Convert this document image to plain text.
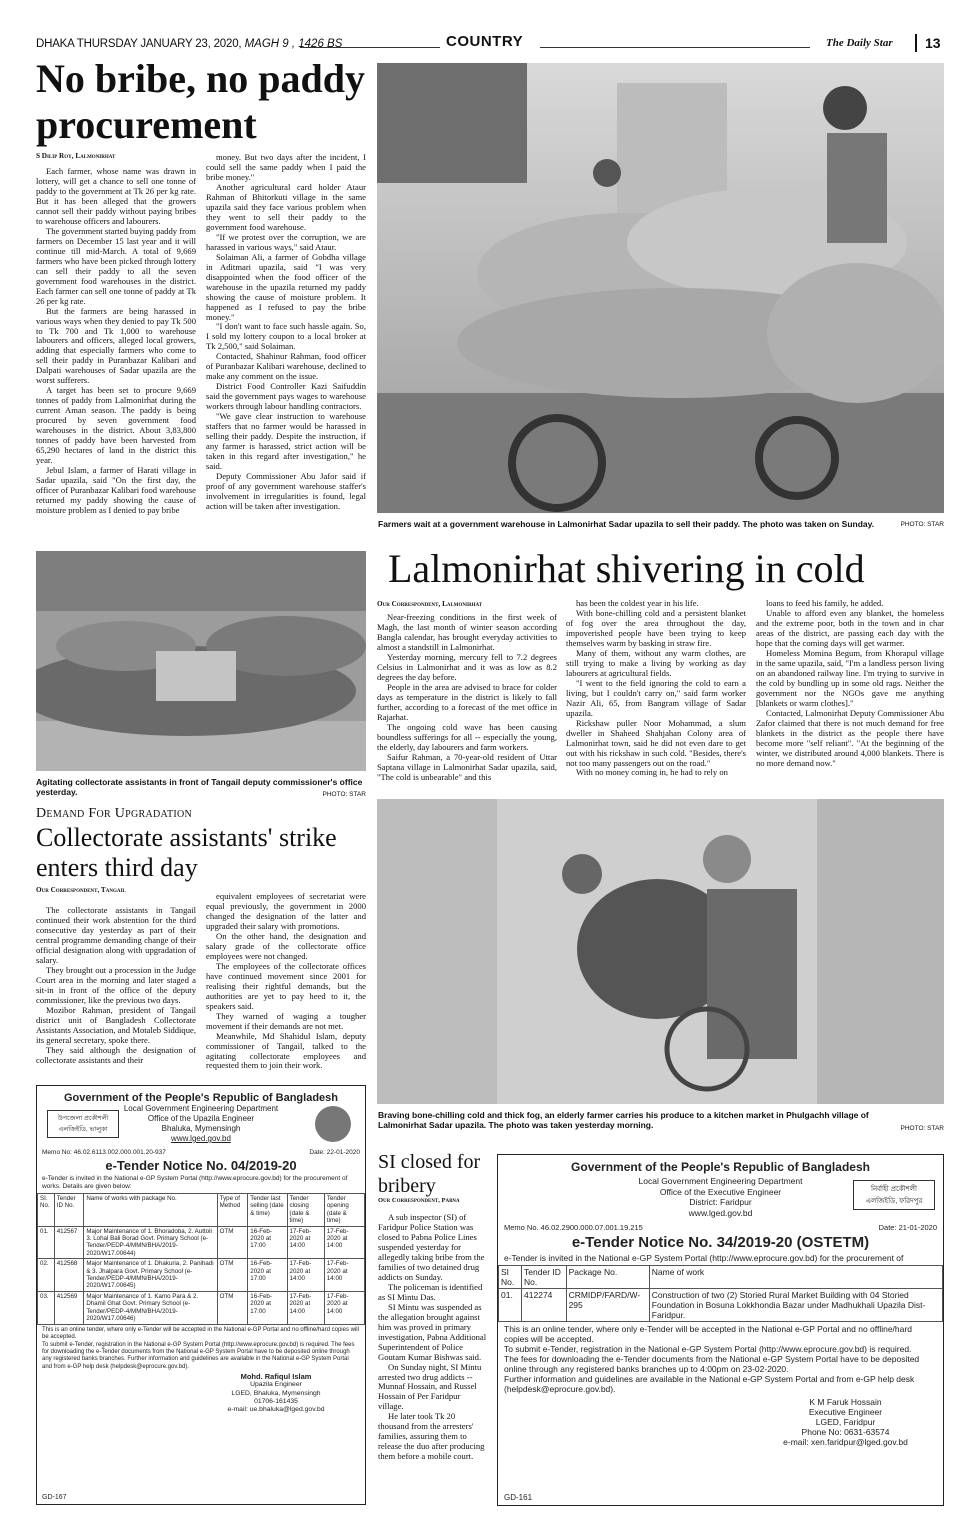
DHAKA THURSDAY JANUARY 23, 2020, MAGH 9 , 1426 BS	COUNTRY	The Daily Star 13
No bribe, no paddy procurement
S Dilip Roy, Lalmonirhat

Each farmer, whose name was drawn in lottery, will get a chance to sell one tonne of paddy to the government at Tk 26 per kg rate. But it has been alleged that the growers cannot sell their paddy without paying bribes to warehouse officers and labourers.

The government started buying paddy from farmers on December 15 last year and it will continue till mid-March. A total of 9,669 farmers who have been picked through lottery can sell their paddy to all the seven government food warehouses in the district. Each farmer can sell one tonne of paddy at Tk 26 per kg rate.

But the farmers are being harassed in various ways when they denied to pay Tk 500 to Tk 700 and Tk 1,000 to warehouse labourers and officers, alleged local growers, adding that especially farmers who come to sell their paddy in Puranbazar Kalibari and Dalpati warehouses of Sadar upazila are the worst sufferers.

A target has been set to procure 9,669 tonnes of paddy from Lalmonirhat during the current Aman season. The paddy is being procured by seven government food warehouses in the district. About 3,83,800 tonnes of paddy have been harvested from 65,290 hectares of land in the district this year.

Jebul Islam, a farmer of Harati village in Sadar upazila, said "On the first day, the officer of Puranbazar Kalibari food warehouse returned my paddy showing the cause of moisture problem as I denied to pay bribe

money. But two days after the incident, I could sell the same paddy when I paid the bribe money."

Another agricultural card holder Ataur Rahman of Bhitorkuti village in the same upazila said they face various problem when they went to sell their paddy to the government food warehouse.

"If we protest over the corruption, we are harassed in various ways," said Ataur.

Solaiman Ali, a farmer of Gobdha village in Aditmari upazila, said "I was very disappointed when the food officer of the warehouse in the upazila returned my paddy showing the cause of moisture problem. It happened as I refused to pay the bribe money."

"I don't want to face such hassle again. So, I sold my lottery coupon to a local broker at Tk 2,500," said Solaiman.

Contacted, Shahinur Rahman, food officer of Puranbazar Kalibari warehouse, declined to make any comment on the issue.

District Food Controller Kazi Saifuddin said the government pays wages to warehouse workers through labour handling contractors.

"We gave clear instruction to warehouse staffers that no farmer would be harassed in selling their paddy. Despite the instruction, if any farmer is harassed, strict action will be taken in this regard after investigation," he said.

Deputy Commissioner Abu Jafor said if proof of any government warehouse staffer's involvement in irregularities is found, legal action will be taken after investigation.

Farmers wait at a government warehouse in Lalmonirhat Sadar upazila to sell their paddy. The photo was taken on Sunday.	PHOTO: STAR
Agitating collectorate assistants in front of Tangail deputy commissioner's office yesterday.	PHOTO: STAR
Demand For Upgradation
Collectorate assistants' strike enters third day
Our Correspondent, Tangail

The collectorate assistants in Tangail continued their work abstention for the third consecutive day yesterday as part of their central programme demanding change of their official designation along with upgradation of salary.

They brought out a procession in the Judge Court area in the morning and later staged a sit-in in front of the office of the deputy commissioner, like the previous two days.

Mozibor Rahman, president of Tangail district unit of Bangladesh Collectorate Assistants Association, and Motaleb Siddique, its general secretary, spoke there.

They said although the designation of collectorate assistants and their

equivalent employees of secretariat were equal previously, the government in 2000 changed the designation of the latter and upgraded their salary with promotions.

On the other hand, the designation and salary grade of the collectorate office employees were not changed.

The employees of the collectorate offices have continued movement since 2001 for realising their rightful demands, but the authorities are yet to pay heed to it, the speakers said.

They warned of waging a tougher movement if their demands are not met.

Meanwhile, Md Shahidul Islam, deputy commissioner of Tangail, talked to the agitating collectorate employees and requested them to join their work.

Lalmonirhat shivering in cold
Our Correspondent, Lalmonirhat

Near-freezing conditions in the first week of Magh, the last month of winter season according Bangla calendar, has brought everyday activities to almost a standstill in Lalmonirhat.

Yesterday morning, mercury fell to 7.2 degrees Celsius in Lalmonirhat and it was as low as 8.2 degrees the day before.

People in the area are advised to brace for colder days as temperature in the district is likely to fall further, according to a forecast of the met office in Rajarhat.

The ongoing cold wave has been causing boundless sufferings for all -- especially the young, the elderly, day labourers and farm workers.

Saifur Rahman, a 70-year-old resident of Uttar Saptana village in Lalmonirhat Sadar upazila, said, "The cold is unbearable" and this

has been the coldest year in his life.

With bone-chilling cold and a persistent blanket of fog over the area throughout the day, impoverished people have been trying to keep themselves warm by basking in straw fire.

Many of them, without any warm clothes, are still trying to make a living by working as day labourers at agricultural fields.

"I went to the field ignoring the cold to earn a living, but I couldn't carry on," said farm worker Nazir Ali, 65, from Bangram village of Sadar upazila.

Rickshaw puller Noor Mohammad, a slum dweller in Shaheed Shahjahan Colony area of Lalmonirhat town, said he did not even dare to get out with his rickshaw in such cold. "Besides, there's not too many passengers out on the road."

With no money coming in, he had to rely on

loans to feed his family, he added.

Unable to afford even any blanket, the homeless and the extreme poor, both in the town and in char areas of the district, are passing each day with the hope that the coming days will get warmer.

Homeless Momina Begum, from Khorapul village in the same upazila, said, "I'm a landless person living on an abandoned railway line. I'm trying to survive in the cold by bundling up in some old rags. Neither the government nor the NGOs gave me anything [blankets or warm clothes]."

Contacted, Lalmonirhat Deputy Commissioner Abu Zafor claimed that there is not much demand for free blankets in the district as the people there have become more "self reliant". "At the beginning of the winter, we distributed around 4,000 blankets. There is no more demand now."

Braving bone-chilling cold and thick fog, an elderly farmer carries his produce to a kitchen market in Phulgachh village of Lalmonirhat Sadar upazila. The photo was taken yesterday morning.	PHOTO: STAR
SI closed for bribery
Our Correspondent, Pabna

A sub inspector (SI) of Faridpur Police Station was closed to Pabna Police Lines suspended yesterday for allegedly taking bribe from the families of two detained drug addicts on Sunday.

The policeman is identified as SI Mintu Das.

SI Mintu was suspended as the allegation brought against him was proved in primary investigation, Pabna Additional Superintendent of Police Goutam Kumar Bishwas said.

On Sunday night, SI Mintu arrested two drug addicts -- Munnaf Hossain, and Russel Hossain of Per Faridpur village.

He later took Tk 20 thousand from the arresters' families, assuring them to release the duo after producing them before a mobile court.

Government of the People's Republic of Bangladesh
উপজেলা প্রকৌশলী এলজিইডি, ভালুকা
Local Government Engineering Department
Office of the Upazila Engineer
Bhaluka, Mymensingh
www.lged.gov.bd
Memo No: 46.02.6113.002.000.001.20-937	Date: 22-01-2020
e-Tender Notice No. 04/2019-20
e-Tender is invited in the National e-GP System Portal (http://www.eprocure.gov.bd) for the procurement of works. Details are given below:
SI. No.	Tender ID No.	Name of works with package No.	Type of Method	Tender last selling (date & time)	Tender closing (date & time)	Tender opening (date & time)
01.	412567	Major Maintenance of 1. Bhoradoba, 2. Auttoli 3. Lohal Bali Borad Govt. Primary School (e-Tender/PEDP-4/MMN/BHA/2019-2020/W17.00644)	OTM	16-Feb-2020 at 17:00	17-Feb-2020 at 14:00	17-Feb-2020 at 14:00
02.	412568	Major Maintenance of 1. Dhakuria, 2. Panihadi & 3. Jhalpara Govt. Primary School (e-Tender/PEDP-4/MMN/BHA/2019-2020/W17.00645)	OTM	16-Feb-2020 at 17:00	17-Feb-2020 at 14:00	17-Feb-2020 at 14:00
03.	412569	Major Maintenance of 1. Kamo Para & 2. Dhamil Ghat Govt. Primary School (e-Tender/PEDP-4/MMN/BHA/2019-2020/W17.00646)	OTM	16-Feb-2020 at 17:00	17-Feb-2020 at 14:00	17-Feb-2020 at 14:00
This is an online tender, where only e-Tender will be accepted in the National e-GP Portal and no offline/hard copies will be accepted.
To submit e-Tender, registration in the National e-GP System Portal (http://www.eprocure.gov.bd) is required. The fees for downloading the e-Tender documents from the National e-GP System Portal have to be deposited online through any registered banks branches. Further information and guidelines are available in the National e-GP System Portal and from e-GP help desk (helpdesk@eprocure.gov.bd).
Mohd. Rafiqul Islam
Upazila Engineer
LGED, Bhaluka, Mymensingh
01706-161435
e-mail: ue.bhaluka@lged.gov.bd
GD-167
Government of the People's Republic of Bangladesh
Local Government Engineering Department
Office of the Executive Engineer
District: Faridpur
www.lged.gov.bd
নির্বাহী প্রকৌশলী এলজিইডি, ফরিদপুর
Memo No. 46.02.2900.000.07.001.19.215	Date: 21-01-2020
e-Tender Notice No. 34/2019-20 (OSTETM)
e-Tender is invited in the National e-GP System Portal (http://www.eprocure.gov.bd) for the procurement of
SI No.	Tender ID No.	Package No.	Name of work
01.	412274	CRMIDP/FARD/W-295	Construction of two (2) Storied Rural Market Building with 04 Storied Foundation in Bosuna Lokkhondia Bazar under Madhukhali Upazila Dist-Faridpur.
This is an online tender, where only e-Tender will be accepted in the National e-GP Portal and no offline/hard copies will be accepted.
To submit e-Tender, registration in the National e-GP System Portal (http://www.eprocure.gov.bd) is required.
The fees for downloading the e-Tender documents from the National e-GP System Portal have to be deposited online through any registered banks branches up to 4:00pm on 23-02-2020.
Further information and guidelines are available in the National e-GP System Portal and from e-GP help desk (helpdesk@eprocure.gov.bd).
K M Faruk Hossain
Executive Engineer
LGED, Faridpur
Phone No: 0631-63574
e-mail: xen.faridpur@lged.gov.bd
GD-161
